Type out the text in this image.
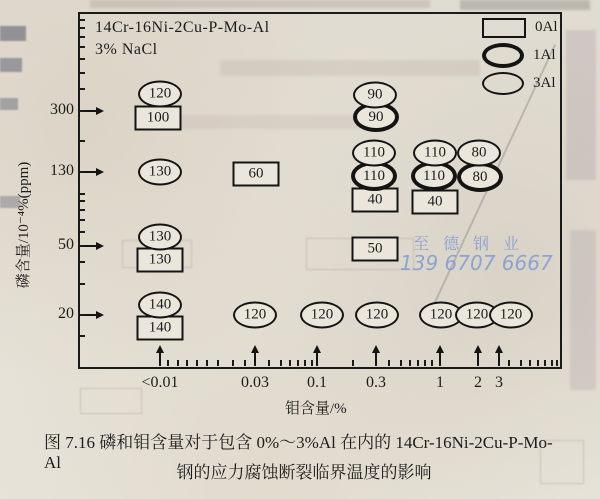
14Cr-16Ni-2Cu-P-Mo-Al
3% NaCl
0Al
1Al
3Al
磷含量/10⁻⁴%(ppm)
钼含量/%
至德钢业
139 6707 6667
图 7.16 磷和钼含量对于包含 0%～3%Al 在内的 14Cr-16Ni-2Cu-P-Mo-Al
钢的应力腐蚀断裂临界温度的影响
300
130
50
20
<0.01	0.03	0.1	0.3	1	2 3
140
120	120	120	120 120 120
140
130
50
130
40
40
80
110	110
60
130
110	110	80
100	90
90
120
